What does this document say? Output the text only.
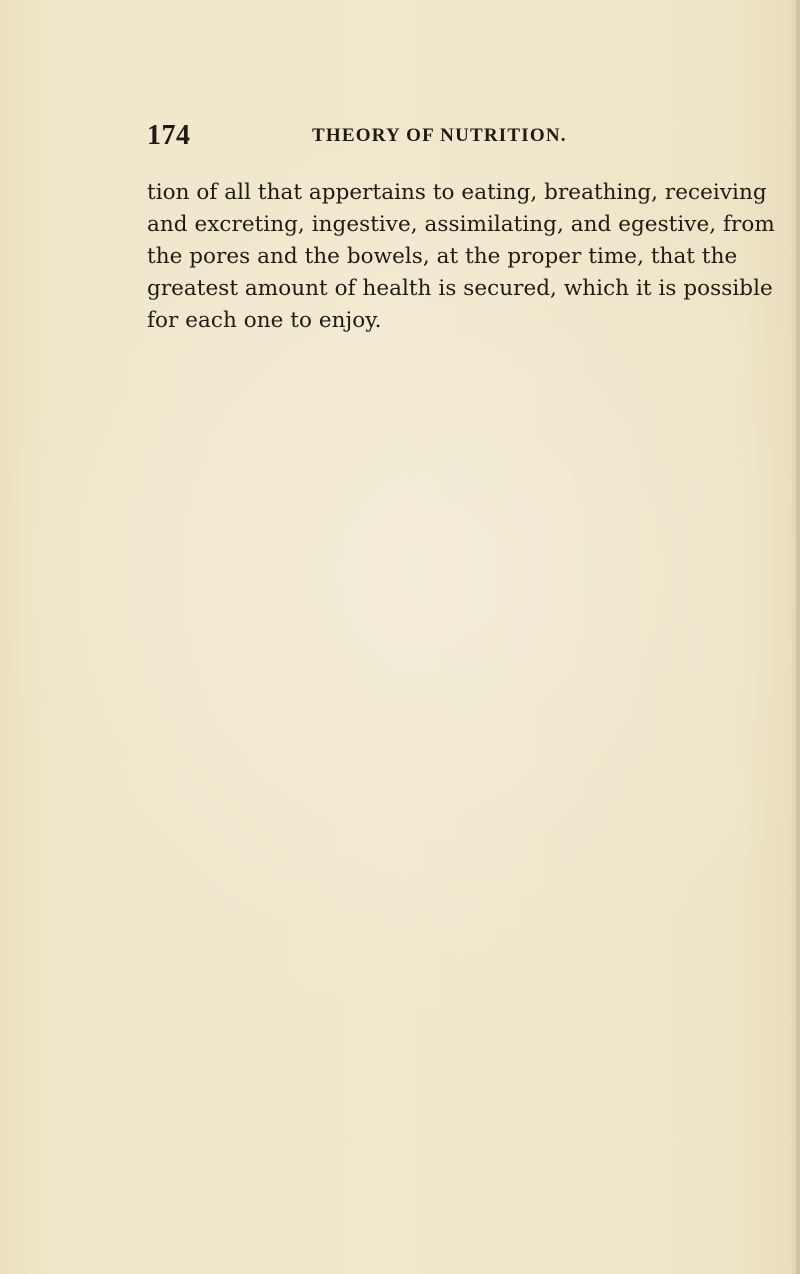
174	THEORY OF NUTRITION.
tion of all that appertains to eating, breathing, receiving
and excreting, ingestive, assimilating, and egestive, from
the pores and the bowels, at the proper time, that the
greatest amount of health is secured, which it is possible
for each one to enjoy.
